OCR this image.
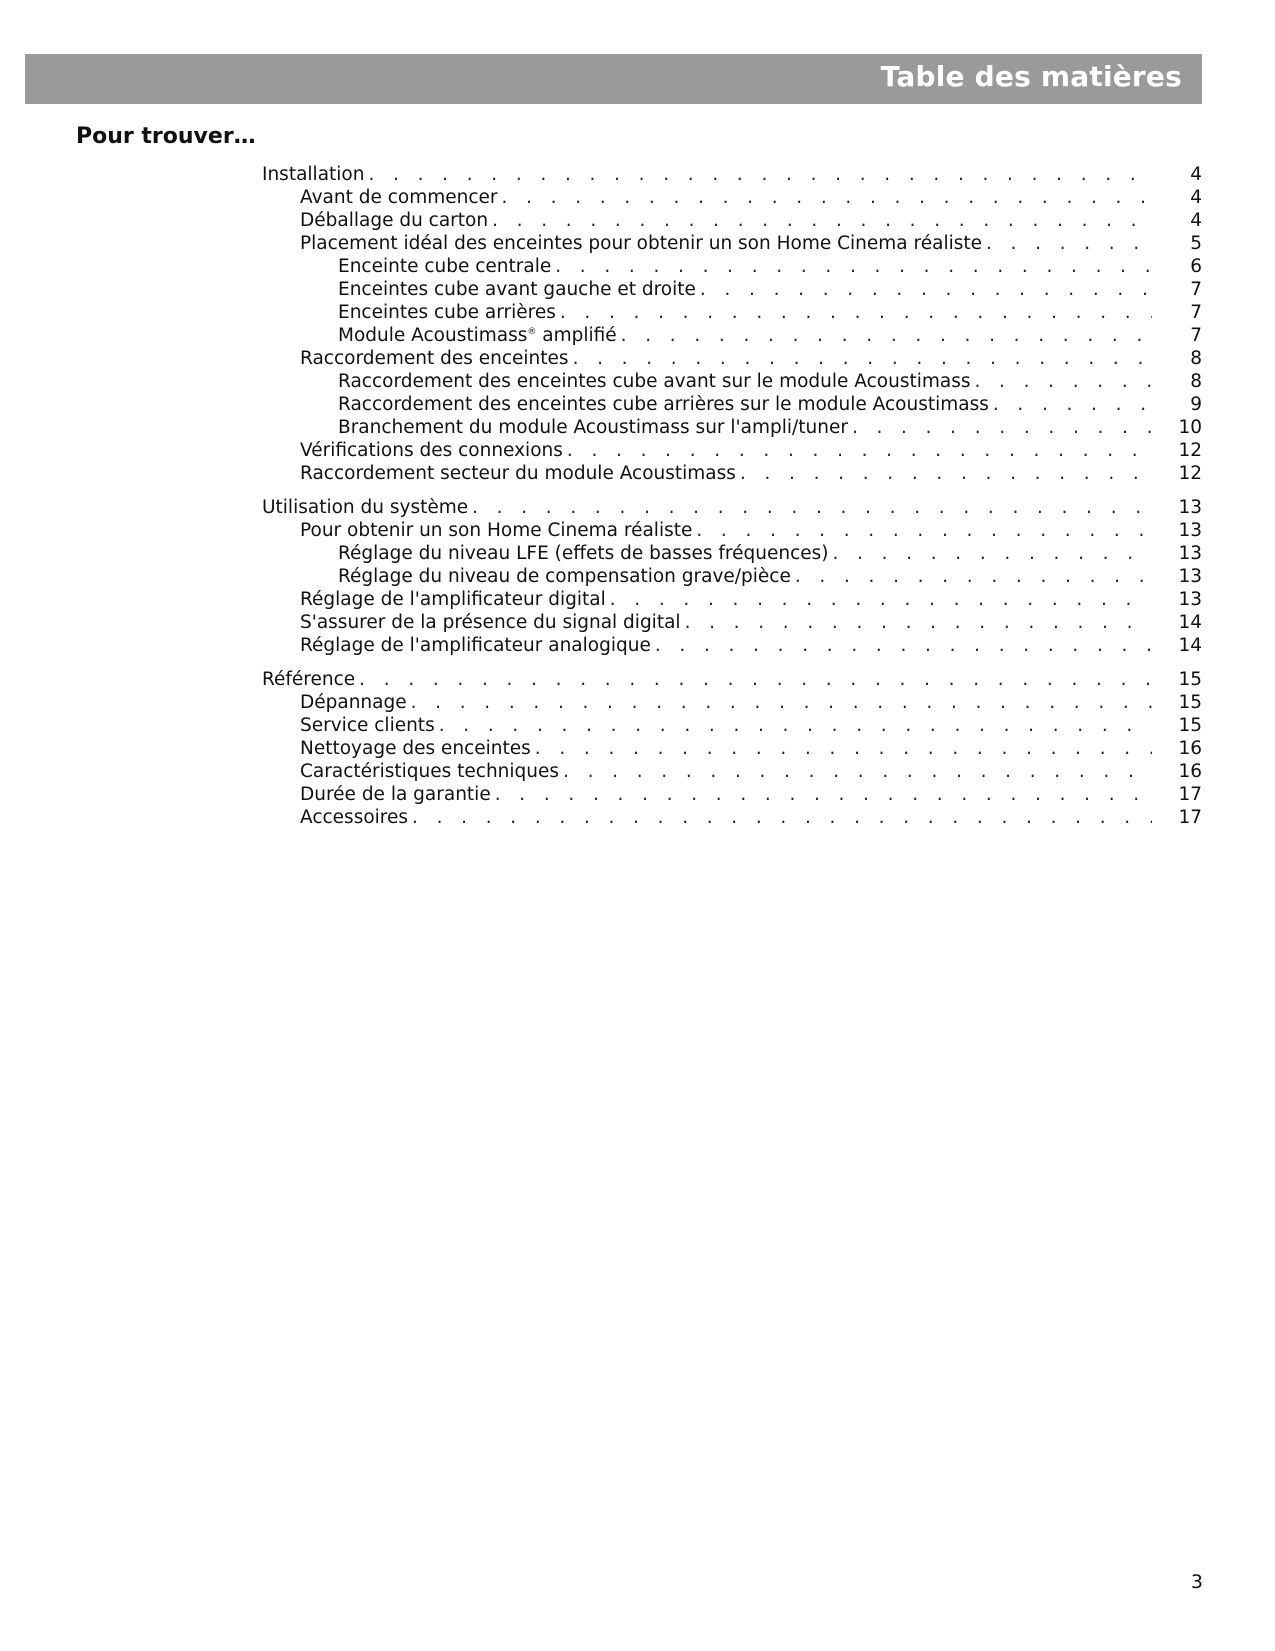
Table des matières
Pour trouver…
Installation . . .	4
Avant de commencer . . .	4
Déballage du carton . . .	4
Placement idéal des enceintes pour obtenir un son Home Cinema réaliste . . .	5
Enceinte cube centrale . . .	6
Enceintes cube avant gauche et droite . . .	7
Enceintes cube arrières . . .	7
Module Acoustimass® amplifié . . .	7
Raccordement des enceintes . . .	8
Raccordement des enceintes cube avant sur le module Acoustimass . . .	8
Raccordement des enceintes cube arrières sur le module Acoustimass . . .	9
Branchement du module Acoustimass sur l'ampli/tuner . . .	10
Vérifications des connexions . . .	12
Raccordement secteur du module Acoustimass . . .	12
Utilisation du système . . .	13
Pour obtenir un son Home Cinema réaliste . . .	13
Réglage du niveau LFE (effets de basses fréquences) . . .	13
Réglage du niveau de compensation grave/pièce . . .	13
Réglage de l'amplificateur digital . . .	13
S'assurer de la présence du signal digital . . .	14
Réglage de l'amplificateur analogique . . .	14
Référence . . .	15
Dépannage . . .	15
Service clients . . .	15
Nettoyage des enceintes . . .	16
Caractéristiques techniques . . .	16
Durée de la garantie . . .	17
Accessoires . . .	17
3
